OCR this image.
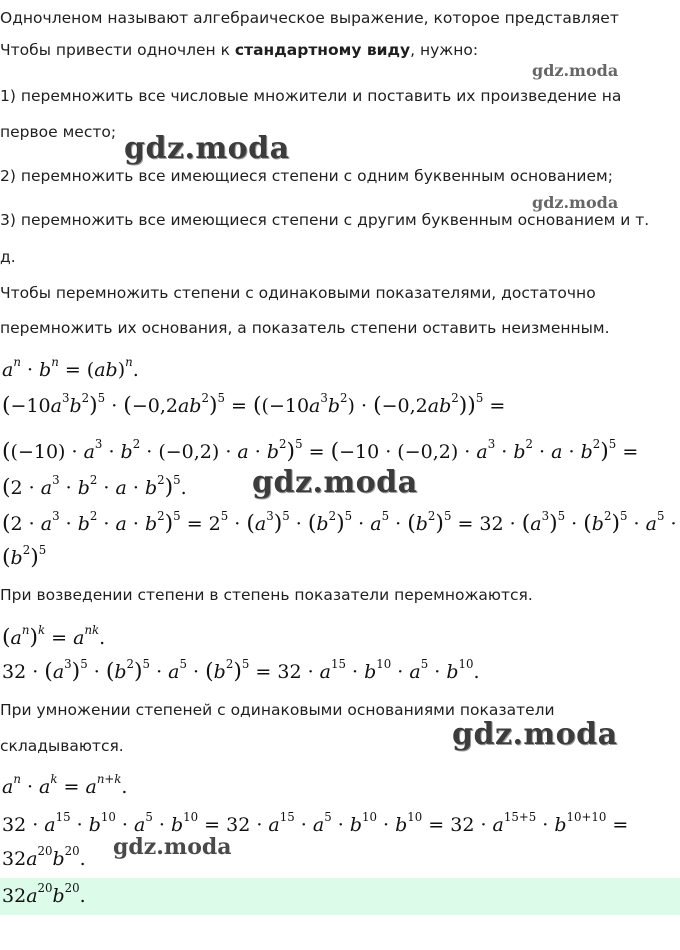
Одночленом называют алгебраическое выражение, которое представляет

Чтобы привести одночлен к стандартному виду, нужно:

1) перемножить все числовые множители и поставить их произведение на

первое место;

2) перемножить все имеющиеся степени с одним буквенным основанием;

3) перемножить все имеющиеся степени с другим буквенным основанием и т.

д.

Чтобы перемножить степени с одинаковыми показателями, достаточно

перемножить их основания, а показатель степени оставить неизменным.

$a^n \cdot b^n = (ab)^n$.
$(-10a^3b^2)^5 \cdot (-0,2ab^2)^5 = ((-10a^3b^2) \cdot (-0,2ab^2))^5$ =
$((-10) \cdot a^3 \cdot b^2 \cdot (-0,2) \cdot a \cdot b^2)^5 = (-10 \cdot (-0,2) \cdot a^3 \cdot b^2 \cdot a \cdot b^2)^5$ =
$(2 \cdot a^3 \cdot b^2 \cdot a \cdot b^2)^5$.
$(2 \cdot a^3 \cdot b^2 \cdot a \cdot b^2)^5 = 2^5 \cdot (a^3)^5 \cdot (b^2)^5 \cdot a^5 \cdot (b^2)^5 = 32 \cdot (a^3)^5 \cdot (b^2)^5 \cdot a^5$ ·
$(b^2)^5$

При возведении степени в степень показатели перемножаются.

$(a^n)^k = a^{nk}$.
$32 \cdot (a^3)^5 \cdot (b^2)^5 \cdot a^5 \cdot (b^2)^5 = 32 \cdot a^{15} \cdot b^{10} \cdot a^5 \cdot b^{10}$.

При умножении степеней с одинаковыми основаниями показатели

складываются.

$a^n \cdot a^k = a^{n+k}$.
$32 \cdot a^{15} \cdot b^{10} \cdot a^5 \cdot b^{10} = 32 \cdot a^{15} \cdot a^5 \cdot b^{10} \cdot b^{10} = 32 \cdot a^{15+5} \cdot b^{10+10}$ =
$32a^{20}b^{20}$.
$32a^{20}b^{20}$.
gdz.moda
gdz.moda
gdz.moda
gdz.moda
gdz.moda
gdz.moda
